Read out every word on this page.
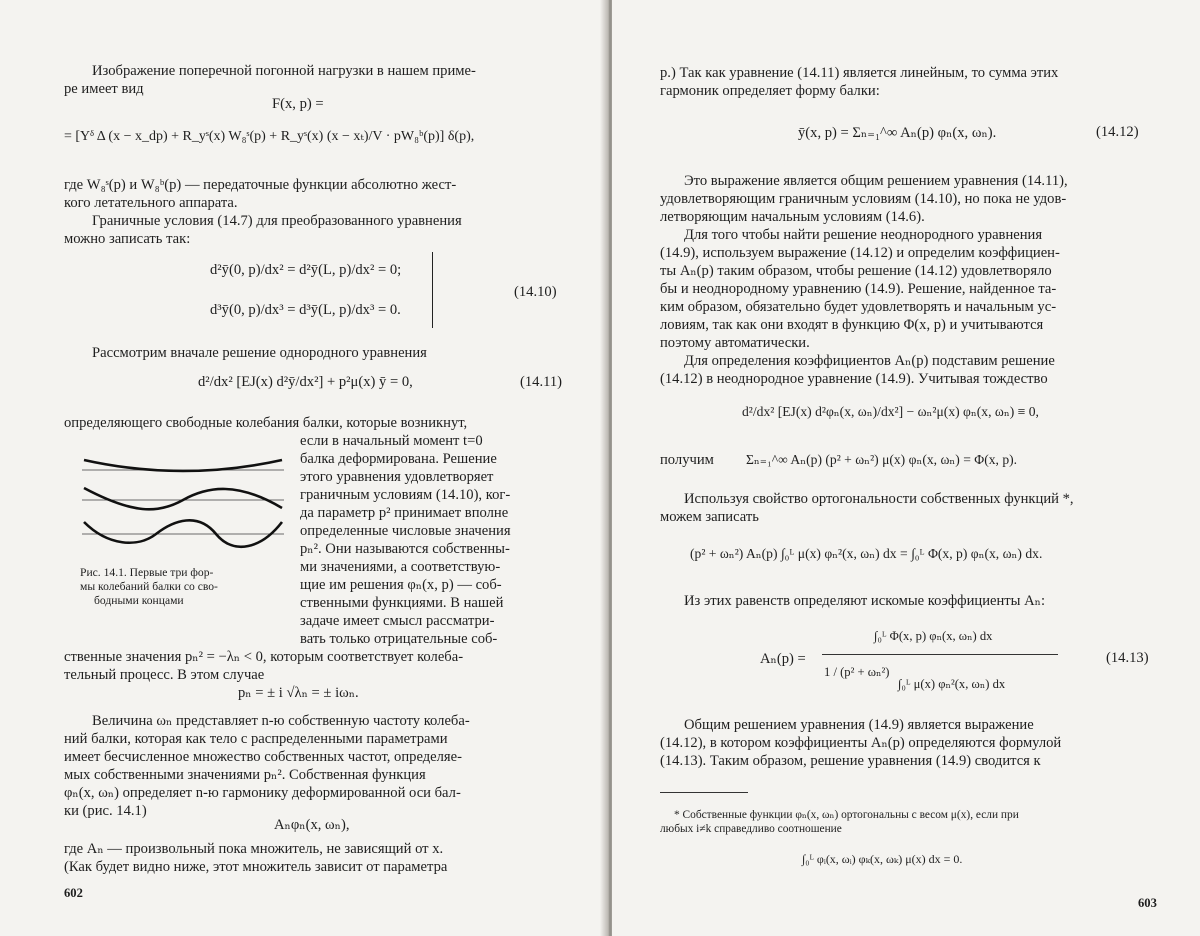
Изображение поперечной погонной нагрузки в нашем приме-
ре имеет вид
F(x, p) =
= [Yᵟ Δ (x − x_dp) + R_yˢ(x) W₈ˢ(p) + R_yˢ(x) (x − xₜ)/V · pW₈ᵇ(p)] δ(p),
где W₈ˢ(p) и W₈ᵇ(p) — передаточные функции абсолютно жест-
кого летательного аппарата.
Граничные условия (14.7) для преобразованного уравнения
можно записать так:
d²ȳ(0, p)/dx² = d²ȳ(L, p)/dx² = 0;
d³ȳ(0, p)/dx³ = d³ȳ(L, p)/dx³ = 0.
(14.10)
Рассмотрим вначале решение однородного уравнения
d²/dx² [EJ(x) d²ȳ/dx²] + p²μ(x) ȳ = 0,	(14.11)
определяющего свободные колебания балки, которые возникнут,
если в начальный момент t=0
балка деформирована. Решение
этого уравнения удовлетворяет
граничным условиям (14.10), ког-
да параметр p² принимает вполне
определенные числовые значения
pₙ². Они называются собственны-
ми значениями, а соответствую-
щие им решения φₙ(x, p) — соб-
ственными функциями. В нашей
задаче имеет смысл рассматри-
вать только отрицательные соб-
Рис. 14.1. Первые три фор-
мы колебаний балки со сво-
бодными концами
ственные значения pₙ² = −λₙ < 0, которым соответствует колеба-
тельный процесс. В этом случае
pₙ = ± i √λₙ = ± iωₙ.
Величина ωₙ представляет n-ю собственную частоту колеба-
ний балки, которая как тело с распределенными параметрами
имеет бесчисленное множество собственных частот, определяе-
мых собственными значениями pₙ². Собственная функция
φₙ(x, ωₙ) определяет n-ю гармонику деформированной оси бал-
ки (рис. 14.1)
Aₙφₙ(x, ωₙ),
где Aₙ — произвольный пока множитель, не зависящий от x.
(Как будет видно ниже, этот множитель зависит от параметра
602
p.) Так как уравнение (14.11) является линейным, то сумма этих
гармоник определяет форму балки:
ȳ(x, p) = Σₙ₌₁^∞ Aₙ(p) φₙ(x, ωₙ).	(14.12)
Это выражение является общим решением уравнения (14.11),
удовлетворяющим граничным условиям (14.10), но пока не удов-
летворяющим начальным условиям (14.6).
Для того чтобы найти решение неоднородного уравнения
(14.9), используем выражение (14.12) и определим коэффициен-
ты Aₙ(p) таким образом, чтобы решение (14.12) удовлетворяло
бы и неоднородному уравнению (14.9). Решение, найденное та-
ким образом, обязательно будет удовлетворять и начальным ус-
ловиям, так как они входят в функцию Φ(x, p) и учитываются
поэтому автоматически.
Для определения коэффициентов Aₙ(p) подставим решение
(14.12) в неоднородное уравнение (14.9). Учитывая тождество
d²/dx² [EJ(x) d²φₙ(x, ωₙ)/dx²] − ωₙ²μ(x) φₙ(x, ωₙ) ≡ 0,
получим Σₙ₌₁^∞ Aₙ(p) (p² + ωₙ²) μ(x) φₙ(x, ωₙ) = Φ(x, p).
Используя свойство ортогональности собственных функций *,
можем записать
(p² + ωₙ²) Aₙ(p) ∫₀ᴸ μ(x) φₙ²(x, ωₙ) dx = ∫₀ᴸ Φ(x, p) φₙ(x, ωₙ) dx.
Из этих равенств определяют искомые коэффициенты Aₙ:
Aₙ(p) =
∫₀ᴸ Φ(x, p) φₙ(x, ωₙ) dx
1 / (p² + ωₙ²)
∫₀ᴸ μ(x) φₙ²(x, ωₙ) dx
(14.13)
Общим решением уравнения (14.9) является выражение
(14.12), в котором коэффициенты Aₙ(p) определяются формулой
(14.13). Таким образом, решение уравнения (14.9) сводится к
* Собственные функции φₙ(x, ωₙ) ортогональны с весом μ(x), если при
любых i≠k справедливо соотношение
∫₀ᴸ φᵢ(x, ωᵢ) φₖ(x, ωₖ) μ(x) dx = 0.
603
